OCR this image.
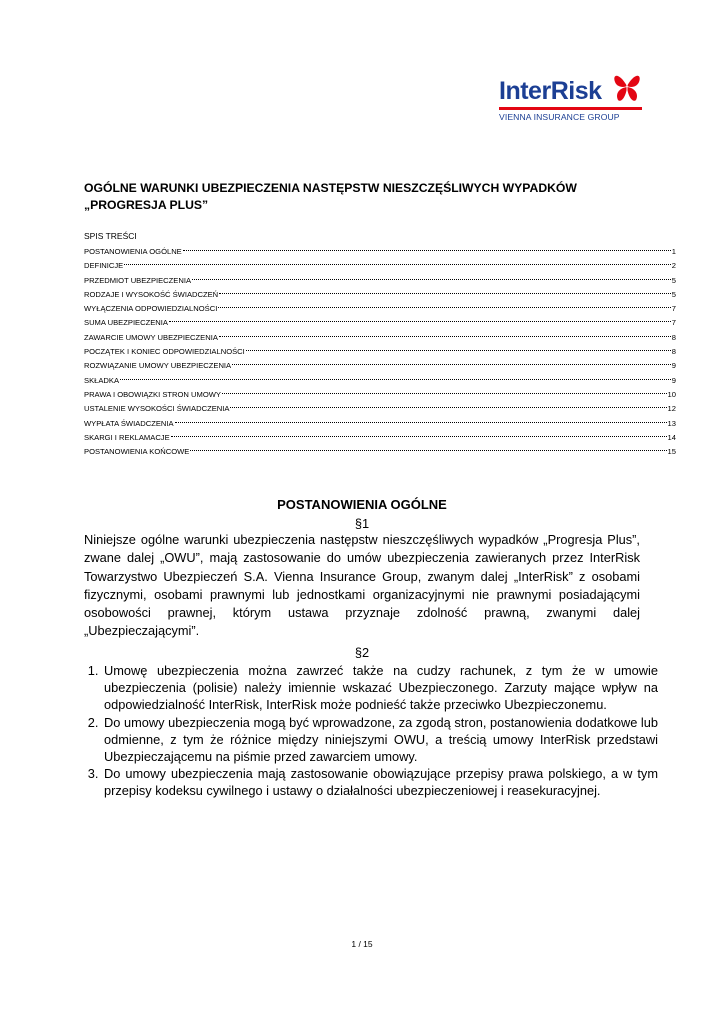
InterRisk
VIENNA INSURANCE GROUP
OGÓLNE WARUNKI UBEZPIECZENIA NASTĘPSTW NIESZCZĘŚLIWYCH WYPADKÓW
„PROGRESJA PLUS”
SPIS TREŚCI
POSTANOWIENIA OGÓLNE	1
DEFINICJE	2
PRZEDMIOT UBEZPIECZENIA	5
RODZAJE I WYSOKOŚĆ ŚWIADCZEŃ	5
WYŁĄCZENIA ODPOWIEDZIALNOŚCI	7
SUMA UBEZPIECZENIA	7
ZAWARCIE UMOWY UBEZPIECZENIA	8
POCZĄTEK I KONIEC ODPOWIEDZIALNOŚCI	8
ROZWIĄZANIE UMOWY UBEZPIECZENIA	9
SKŁADKA	9
PRAWA I OBOWIĄZKI STRON UMOWY	10
USTALENIE WYSOKOŚCI ŚWIADCZENIA	12
WYPŁATA ŚWIADCZENIA	13
SKARGI I REKLAMACJE	14
POSTANOWIENIA KOŃCOWE	15
POSTANOWIENIA OGÓLNE
§1
Niniejsze ogólne warunki ubezpieczenia następstw nieszczęśliwych wypadków „Progresja Plus”, zwane dalej „OWU”, mają zastosowanie do umów ubezpieczenia zawieranych przez InterRisk Towarzystwo Ubezpieczeń S.A. Vienna Insurance Group, zwanym dalej „InterRisk” z osobami fizycznymi, osobami prawnymi lub jednostkami organizacyjnymi nie prawnymi posiadającymi osobowości prawnej, którym ustawa przyznaje zdolność prawną, zwanymi dalej „Ubezpieczającymi”.
§2
1. Umowę ubezpieczenia można zawrzeć także na cudzy rachunek, z tym że w umowie ubezpieczenia (polisie) należy imiennie wskazać Ubezpieczonego. Zarzuty mające wpływ na odpowiedzialność InterRisk, InterRisk może podnieść także przeciwko Ubezpieczonemu.
2. Do umowy ubezpieczenia mogą być wprowadzone, za zgodą stron, postanowienia dodatkowe lub odmienne, z tym że różnice między niniejszymi OWU, a treścią umowy InterRisk przedstawi Ubezpieczającemu na piśmie przed zawarciem umowy.
3. Do umowy ubezpieczenia mają zastosowanie obowiązujące przepisy prawa polskiego, a w tym przepisy kodeksu cywilnego i ustawy o działalności ubezpieczeniowej i reasekuracyjnej.
1 / 15
